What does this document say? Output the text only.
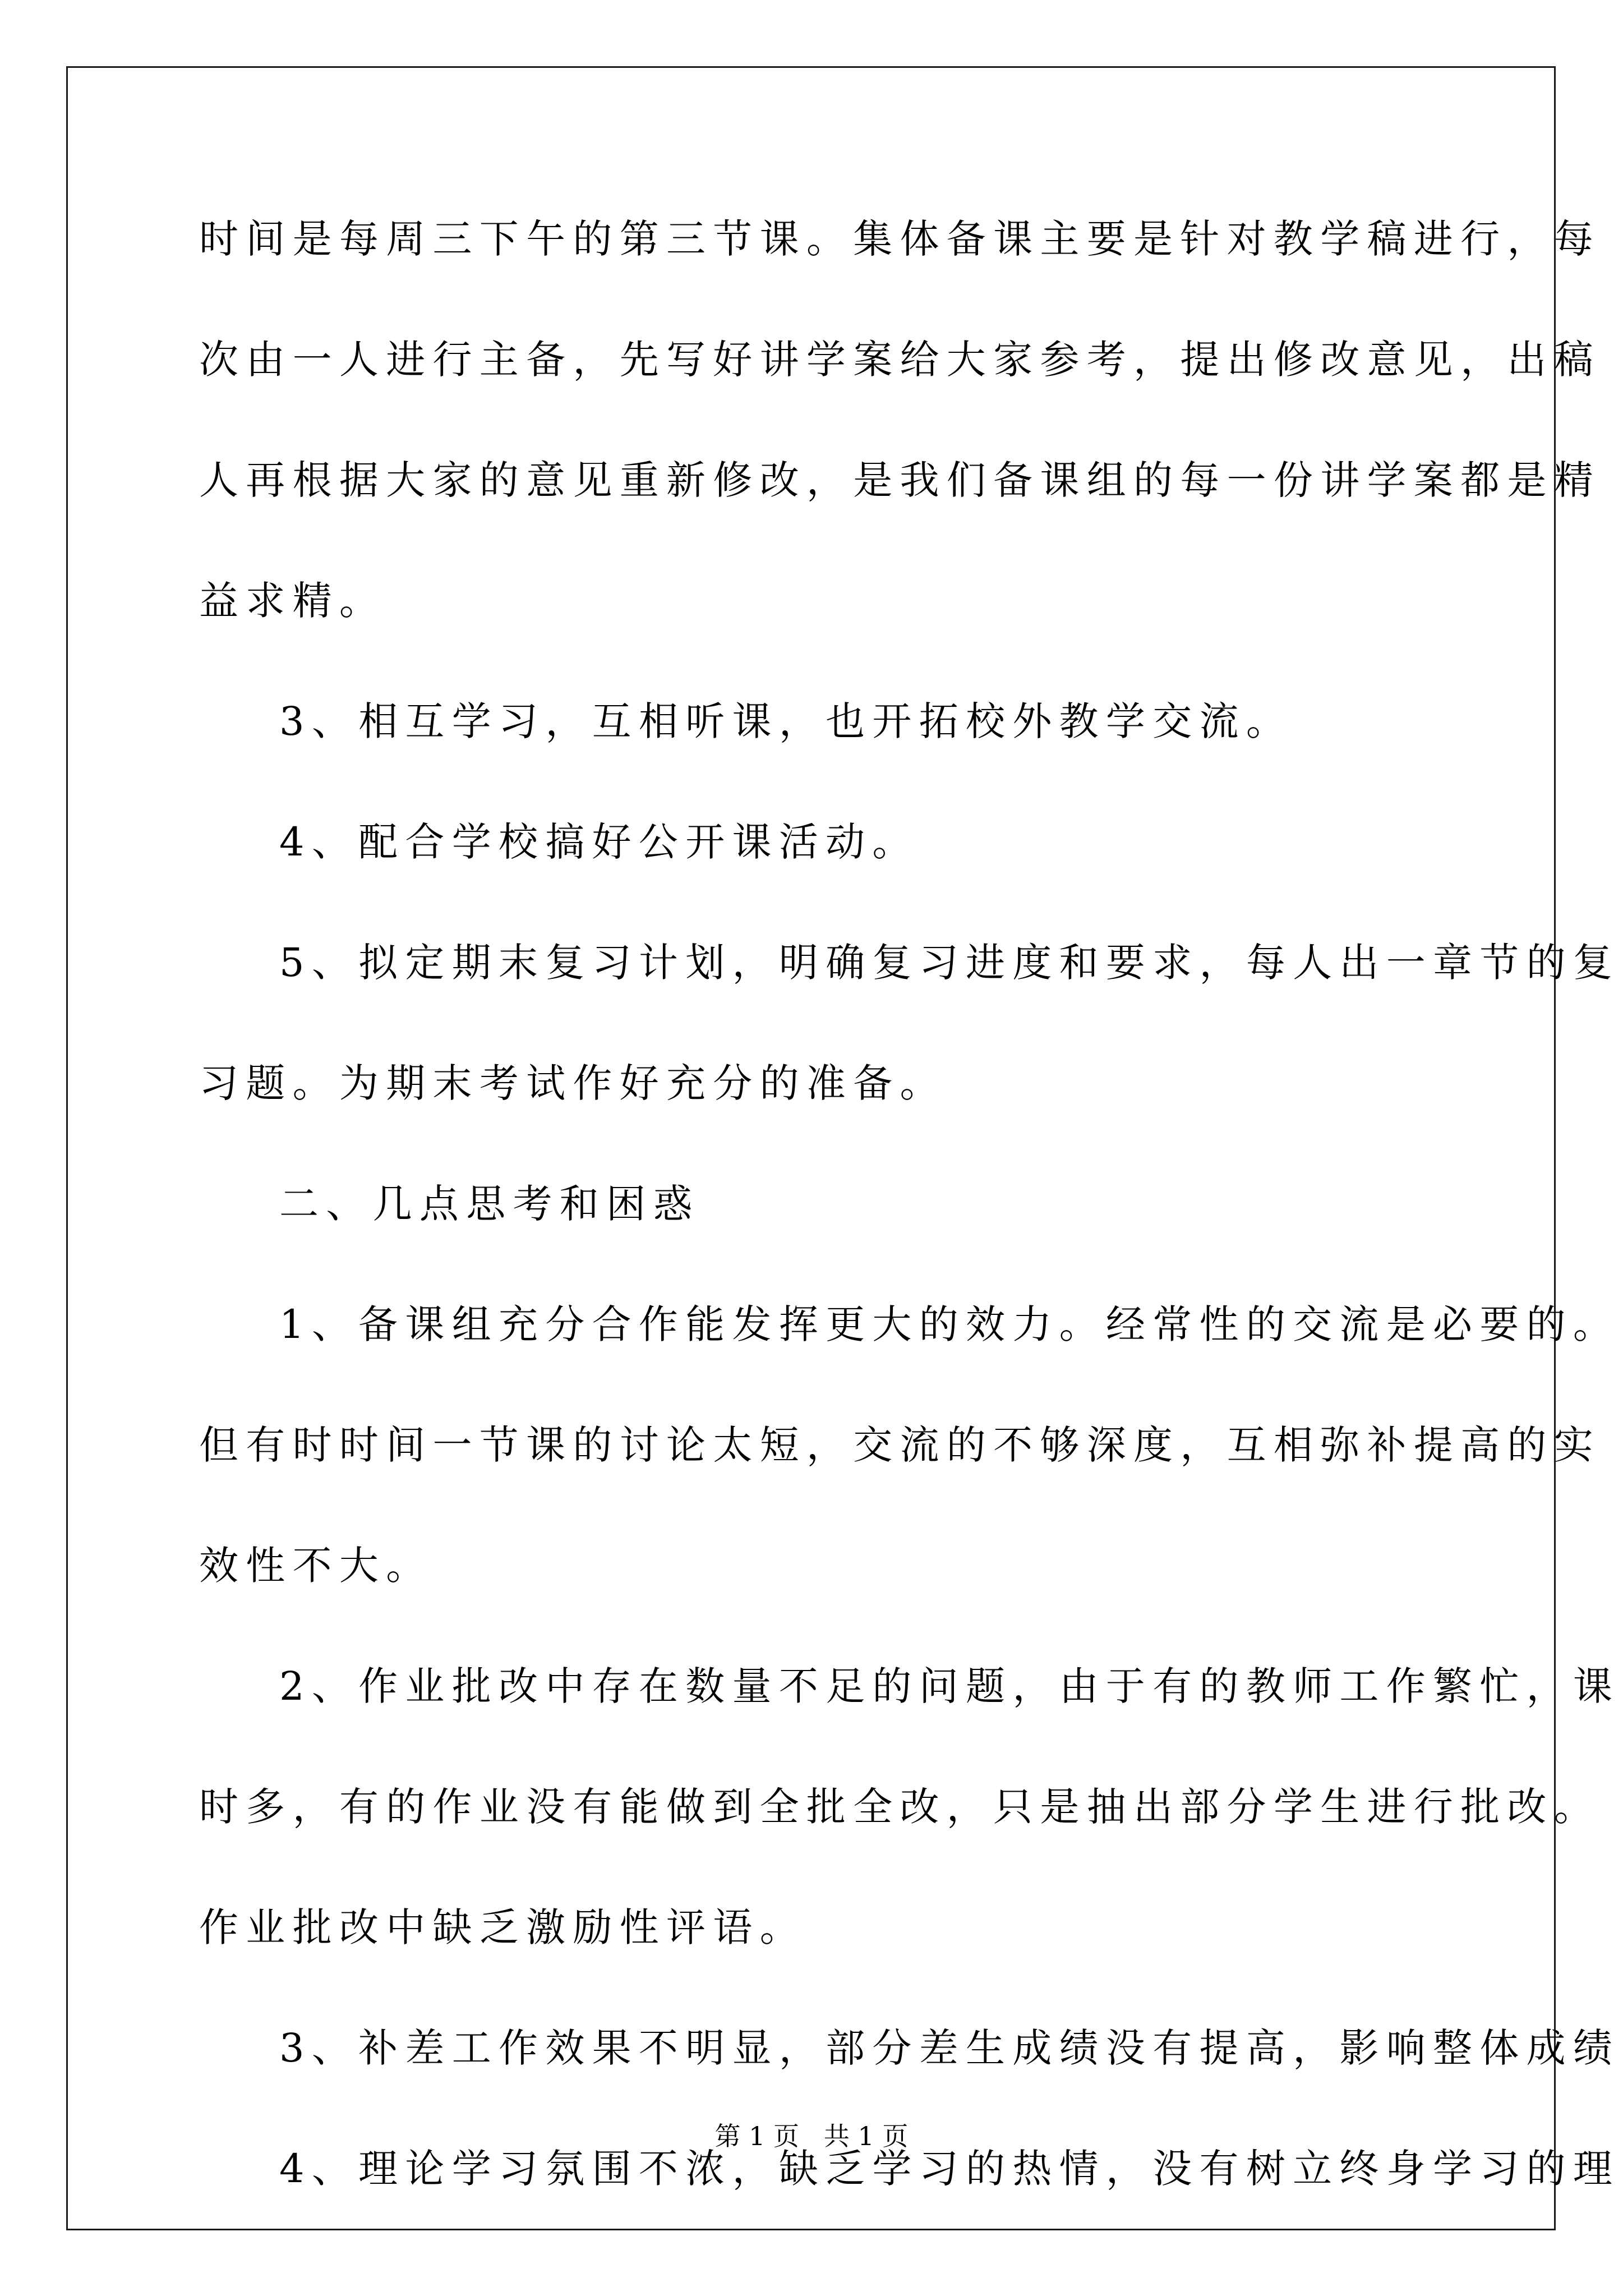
时间是每周三下午的第三节课。集体备课主要是针对教学稿进行，每
次由一人进行主备，先写好讲学案给大家参考，提出修改意见，出稿
人再根据大家的意见重新修改，是我们备课组的每一份讲学案都是精
益求精。
3、相互学习，互相听课，也开拓校外教学交流。
4、配合学校搞好公开课活动。
5、拟定期末复习计划，明确复习进度和要求，每人出一章节的复
习题。为期末考试作好充分的准备。
二、几点思考和困惑
1、备课组充分合作能发挥更大的效力。经常性的交流是必要的。
但有时时间一节课的讨论太短，交流的不够深度，互相弥补提高的实
效性不大。
2、作业批改中存在数量不足的问题，由于有的教师工作繁忙，课
时多，有的作业没有能做到全批全改，只是抽出部分学生进行批改。
作业批改中缺乏激励性评语。
3、补差工作效果不明显，部分差生成绩没有提高，影响整体成绩
4、理论学习氛围不浓，缺乏学习的热情，没有树立终身学习的理
第 1 页   共 1 页
